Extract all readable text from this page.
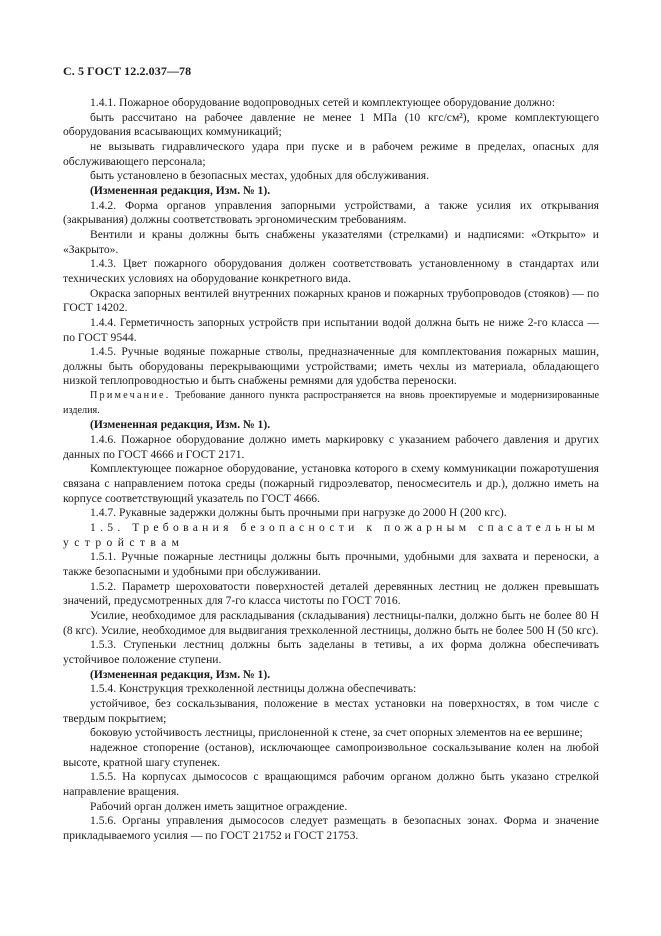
С. 5 ГОСТ 12.2.037—78

1.4.1. Пожарное оборудование водопроводных сетей и комплектующее оборудование должно:

быть рассчитано на рабочее давление не менее 1 МПа (10 кгс/см²), кроме комплектующего оборудования всасывающих коммуникаций;

не вызывать гидравлического удара при пуске и в рабочем режиме в пределах, опасных для обслуживающего персонала;

быть установлено в безопасных местах, удобных для обслуживания.

(Измененная редакция, Изм. № 1).

1.4.2. Форма органов управления запорными устройствами, а также усилия их открывания (закрывания) должны соответствовать эргономическим требованиям.

Вентили и краны должны быть снабжены указателями (стрелками) и надписями: «Открыто» и «Закрыто».

1.4.3. Цвет пожарного оборудования должен соответствовать установленному в стандартах или технических условиях на оборудование конкретного вида.

Окраска запорных вентилей внутренних пожарных кранов и пожарных трубопроводов (стояков) — по ГОСТ 14202.

1.4.4. Герметичность запорных устройств при испытании водой должна быть не ниже 2-го класса — по ГОСТ 9544.

1.4.5. Ручные водяные пожарные стволы, предназначенные для комплектования пожарных машин, должны быть оборудованы перекрывающими устройствами; иметь чехлы из материала, обладающего низкой теплопроводностью и быть снабжены ремнями для удобства переноски.

Примечание. Требование данного пункта распространяется на вновь проектируемые и модернизированные изделия.

(Измененная редакция, Изм. № 1).

1.4.6. Пожарное оборудование должно иметь маркировку с указанием рабочего давления и других данных по ГОСТ 4666 и ГОСТ 2171.

Комплектующее пожарное оборудование, установка которого в схему коммуникации пожаротушения связана с направлением потока среды (пожарный гидроэлеватор, пеносмеситель и др.), должно иметь на корпусе соответствующий указатель по ГОСТ 4666.

1.4.7. Рукавные задержки должны быть прочными при нагрузке до 2000 Н (200 кгс).

1.5. Требования безопасности к пожарным спасательным
устройствам

1.5.1. Ручные пожарные лестницы должны быть прочными, удобными для захвата и переноски, а также безопасными и удобными при обслуживании.

1.5.2. Параметр шероховатости поверхностей деталей деревянных лестниц не должен превышать значений, предусмотренных для 7-го класса чистоты по ГОСТ 7016.

Усилие, необходимое для раскладывания (складывания) лестницы-палки, должно быть не более 80 Н (8 кгс). Усилие, необходимое для выдвигания трехколенной лестницы, должно быть не более 500 Н (50 кгс).

1.5.3. Ступеньки лестниц должны быть заделаны в тетивы, а их форма должна обеспечивать устойчивое положение ступени.

(Измененная редакция, Изм. № 1).

1.5.4. Конструкция трехколенной лестницы должна обеспечивать:

устойчивое, без соскальзывания, положение в местах установки на поверхностях, в том числе с твердым покрытием;

боковую устойчивость лестницы, прислоненной к стене, за счет опорных элементов на ее вершине;

надежное стопорение (останов), исключающее самопроизвольное соскальзывание колен на любой высоте, кратной шагу ступенек.

1.5.5. На корпусах дымососов с вращающимся рабочим органом должно быть указано стрелкой направление вращения.

Рабочий орган должен иметь защитное ограждение.

1.5.6. Органы управления дымососов следует размещать в безопасных зонах. Форма и значение прикладываемого усилия — по ГОСТ 21752 и ГОСТ 21753.
